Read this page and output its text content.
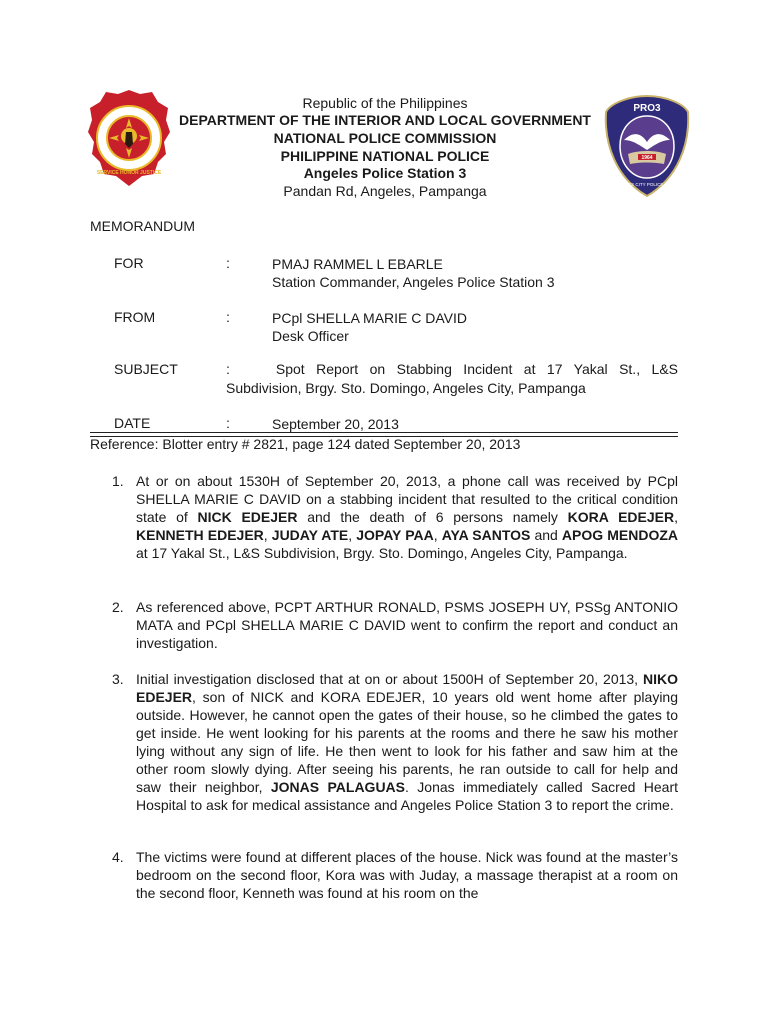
SERVICE HONOR JUSTICE
PRO3
1964
ANGELES CITY POLICE OFFICE
Republic of the Philippines
DEPARTMENT OF THE INTERIOR AND LOCAL GOVERNMENT
NATIONAL POLICE COMMISSION
PHILIPPINE NATIONAL POLICE
Angeles Police Station 3
Pandan Rd, Angeles, Pampanga
MEMORANDUM
FOR	:	PMAJ RAMMEL L EBARLE
Station Commander, Angeles Police Station 3
FROM	:	PCpl SHELLA MARIE C DAVID
Desk Officer
SUBJECT	:	Spot Report on Stabbing Incident at 17 Yakal St., L&S Subdivision, Brgy. Sto. Domingo, Angeles City, Pampanga
DATE	:	September 20, 2013
Reference: Blotter entry # 2821, page 124 dated September 20, 2013
1. At or on about 1530H of September 20, 2013, a phone call was received by PCpl SHELLA MARIE C DAVID on a stabbing incident that resulted to the critical condition state of NICK EDEJER and the death of 6 persons namely KORA EDEJER, KENNETH EDEJER, JUDAY ATE, JOPAY PAA, AYA SANTOS and APOG MENDOZA at 17 Yakal St., L&S Subdivision, Brgy. Sto. Domingo, Angeles City, Pampanga.
2. As referenced above, PCPT ARTHUR RONALD, PSMS JOSEPH UY, PSSg ANTONIO MATA and PCpl SHELLA MARIE C DAVID went to confirm the report and conduct an investigation.
3. Initial investigation disclosed that at on or about 1500H of September 20, 2013, NIKO EDEJER, son of NICK and KORA EDEJER, 10 years old went home after playing outside. However, he cannot open the gates of their house, so he climbed the gates to get inside. He went looking for his parents at the rooms and there he saw his mother lying without any sign of life. He then went to look for his father and saw him at the other room slowly dying. After seeing his parents, he ran outside to call for help and saw their neighbor, JONAS PALAGUAS. Jonas immediately called Sacred Heart Hospital to ask for medical assistance and Angeles Police Station 3 to report the crime.
4. The victims were found at different places of the house. Nick was found at the master’s bedroom on the second floor, Kora was with Juday, a massage therapist at a room on the second floor, Kenneth was found at his room on the
